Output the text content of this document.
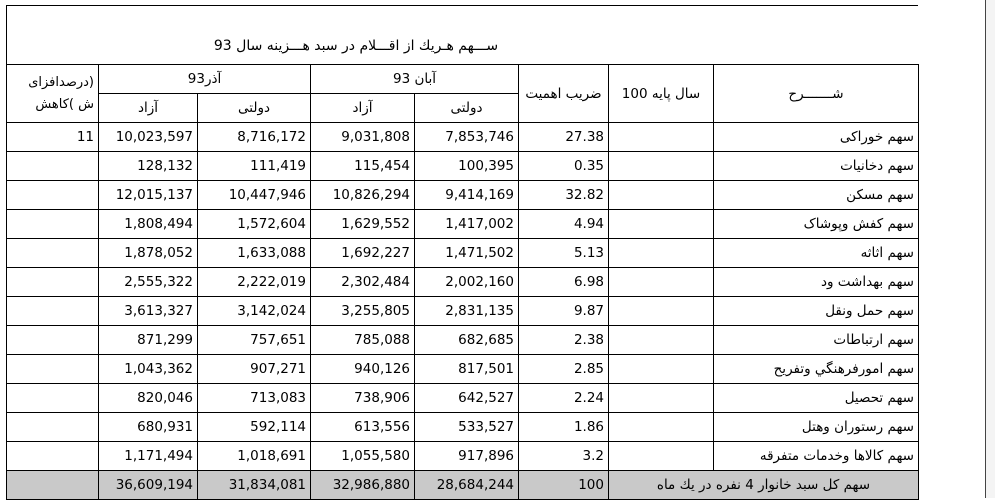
ســـهم هـریك از اقـــلام در سبد هـــزینه سال 93
(درصدافزای
ش )کاهش	آذر93		آبان 93		ضریب اهمیت	سال پایه 100	شـــــــرح
	آزاد	دولتی	آزاد	دولتی			
11	10,023,597	8,716,172	9,031,808	7,853,746	27.38		سهم خوراکی
	128,132	111,419	115,454	100,395	0.35		سهم دخانیات
	12,015,137	10,447,946	10,826,294	9,414,169	32.82		سهم مسکن
	1,808,494	1,572,604	1,629,552	1,417,002	4.94		سهم کفش وپوشاک
	1,878,052	1,633,088	1,692,227	1,471,502	5.13		سهم اثاثه
	2,555,322	2,222,019	2,302,484	2,002,160	6.98		سهم بهداشت ود
	3,613,327	3,142,024	3,255,805	2,831,135	9.87		سهم حمل ونقل
	871,299	757,651	785,088	682,685	2.38		سهم ارتباطات
	1,043,362	907,271	940,126	817,501	2.85		سهم امورفرهنگي وتفريح
	820,046	713,083	738,906	642,527	2.24		سهم تحصیل
	680,931	592,114	613,556	533,527	1.86		سهم رستوران وهتل
	1,171,494	1,018,691	1,055,580	917,896	3.2		سهم کالاها وخدمات متفرقه
	36,609,194	31,834,081	32,986,880	28,684,244	100	سهم کل سبد خانوار 4 نفره در یك ماه	
